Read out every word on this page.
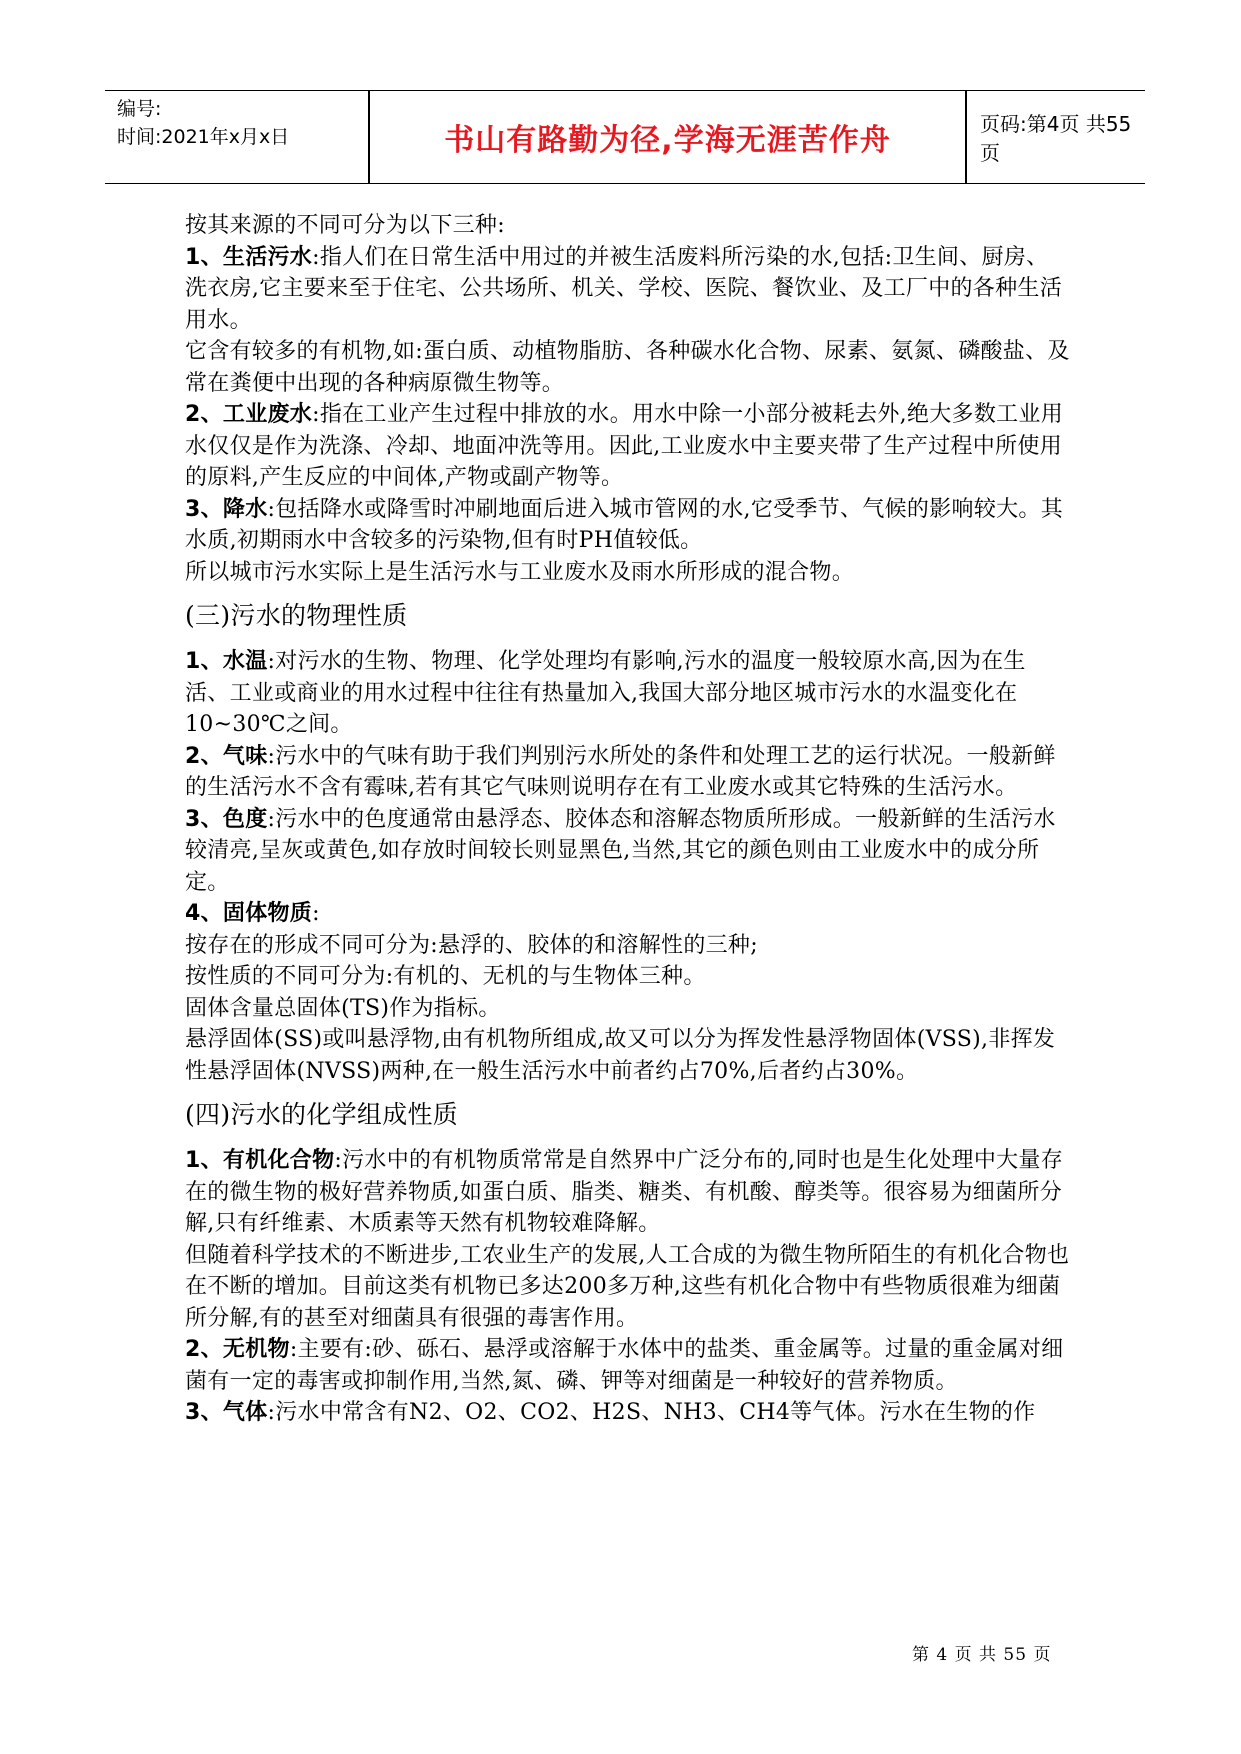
编号:
时间:2021年x月x日	书山有路勤为径,学海无涯苦作舟	页码:第4页 共55页

按其来源的不同可分为以下三种:

1、生活污水:指人们在日常生活中用过的并被生活废料所污染的水,包括:卫生间、厨房、洗衣房,它主要来至于住宅、公共场所、机关、学校、医院、餐饮业、及工厂中的各种生活用水。

它含有较多的有机物,如:蛋白质、动植物脂肪、各种碳水化合物、尿素、氨氮、磷酸盐、及常在粪便中出现的各种病原微生物等。

2、工业废水:指在工业产生过程中排放的水。用水中除一小部分被耗去外,绝大多数工业用水仅仅是作为洗涤、冷却、地面冲洗等用。因此,工业废水中主要夹带了生产过程中所使用的原料,产生反应的中间体,产物或副产物等。

3、降水:包括降水或降雪时冲刷地面后进入城市管网的水,它受季节、气候的影响较大。其水质,初期雨水中含较多的污染物,但有时PH值较低。

所以城市污水实际上是生活污水与工业废水及雨水所形成的混合物。

(三)污水的物理性质

1、水温:对污水的生物、物理、化学处理均有影响,污水的温度一般较原水高,因为在生活、工业或商业的用水过程中往往有热量加入,我国大部分地区城市污水的水温变化在10~30℃之间。

2、气味:污水中的气味有助于我们判别污水所处的条件和处理工艺的运行状况。一般新鲜的生活污水不含有霉味,若有其它气味则说明存在有工业废水或其它特殊的生活污水。

3、色度:污水中的色度通常由悬浮态、胶体态和溶解态物质所形成。一般新鲜的生活污水较清亮,呈灰或黄色,如存放时间较长则显黑色,当然,其它的颜色则由工业废水中的成分所定。

4、固体物质:

按存在的形成不同可分为:悬浮的、胶体的和溶解性的三种;

按性质的不同可分为:有机的、无机的与生物体三种。

固体含量总固体(TS)作为指标。

悬浮固体(SS)或叫悬浮物,由有机物所组成,故又可以分为挥发性悬浮物固体(VSS),非挥发性悬浮固体(NVSS)两种,在一般生活污水中前者约占70%,后者约占30%。

(四)污水的化学组成性质

1、有机化合物:污水中的有机物质常常是自然界中广泛分布的,同时也是生化处理中大量存在的微生物的极好营养物质,如蛋白质、脂类、糖类、有机酸、醇类等。很容易为细菌所分解,只有纤维素、木质素等天然有机物较难降解。

但随着科学技术的不断进步,工农业生产的发展,人工合成的为微生物所陌生的有机化合物也在不断的增加。目前这类有机物已多达200多万种,这些有机化合物中有些物质很难为细菌所分解,有的甚至对细菌具有很强的毒害作用。

2、无机物:主要有:砂、砾石、悬浮或溶解于水体中的盐类、重金属等。过量的重金属对细菌有一定的毒害或抑制作用,当然,氮、磷、钾等对细菌是一种较好的营养物质。

3、气体:污水中常含有N2、O2、CO2、H2S、NH3、CH4等气体。污水在生物的作

第 4 页 共 55 页
